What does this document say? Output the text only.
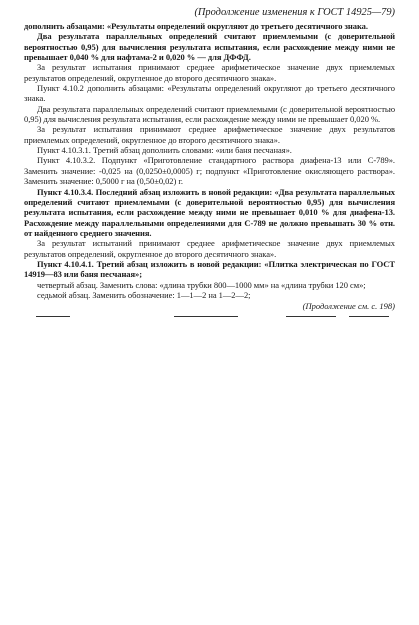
(Продолжение изменения к ГОСТ 14925—79)

дополнить абзацами: «Результаты определений округляют до третьего десятичного знака.

Два результата параллельных определений считают приемлемыми (с доверительной вероятностью 0,95) для вычисления результата испытания, если расхождение между ними не превышает 0,040 % для нафтама-2 и 0,020 % — для ДФФД.

За результат испытания принимают среднее арифметическое значение двух приемлемых результатов определений, округленное до второго десятичного знака».

Пункт 4.10.2 дополнить абзацами: «Результаты определений округляют до третьего десятичного знака.

Два результата параллельных определений считают приемлемыми (с доверительной вероятностью 0,95) для вычисления результата испытания, если расхождение между ними не превышает 0,020 %.

За результат испытания принимают среднее арифметическое значение двух результатов приемлемых определений, округленное до второго десятичного знака».

Пункт 4.10.3.1. Третий абзац дополнить словами: «или баня песчаная».

Пункт 4.10.3.2. Подпункт «Приготовление стандартного раствора диафена-13 или С-789». Заменить значение: -0,025 на (0,0250±0,0005) г; подпункт «Приготовление окисляющего раствора». Заменить значение: 0,5000 г на (0,50±0,02) г.

Пункт 4.10.3.4. Последний абзац изложить в новой редакции: «Два результата параллельных определений считают приемлемыми (с доверительной вероятностью 0,95) для вычисления результата испытания, если расхождение между ними не превышает 0,010 % для диафена-13. Расхождение между параллельными определениями для С-789 не должно превышать 30 % отн. от найденного среднего значения.

За результат испытаний принимают среднее арифметическое значение двух приемлемых результатов определений, округленное до второго десятичного знака».

Пункт 4.10.4.1. Третий абзац изложить в новой редакции: «Плитка электрическая по ГОСТ 14919—83 или баня песчаная»;

четвертый абзац. Заменить слова: «длина трубки 800—1000 мм» на «длина трубки 120 см»;

седьмой абзац. Заменить обозначение: 1—1—2 на 1—2—2;

(Продолжение см. с. 198)
